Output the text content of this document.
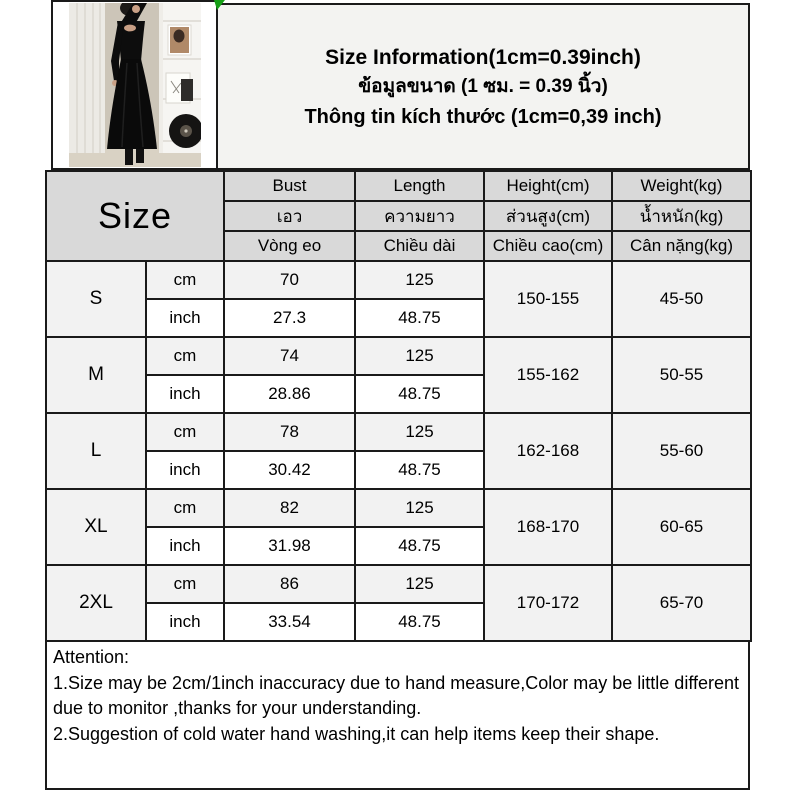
Size Information(1cm=0.39inch)
ข้อมูลขนาด (1 ซม. = 0.39 นิ้ว)
Thông tin kích thước (1cm=0,39 inch)
Size		Bust	Length	Height(cm)	Weight(kg)
		เอว	ความยาว	ส่วนสูง(cm)	น้ำหนัก(kg)
		Vòng eo	Chiều dài	Chiều cao(cm)	Cân nặng(kg)
S	cm	70	125	150-155	45-50
	inch	27.3	48.75		
M	cm	74	125	155-162	50-55
	inch	28.86	48.75		
L	cm	78	125	162-168	55-60
	inch	30.42	48.75		
XL	cm	82	125	168-170	60-65
	inch	31.98	48.75		
2XL	cm	86	125	170-172	65-70
	inch	33.54	48.75		
Attention:
1.Size may be 2cm/1inch inaccuracy due to hand measure,Color may be little different due to monitor ,thanks for your understanding.
2.Suggestion of cold water hand washing,it can help items keep their shape.
